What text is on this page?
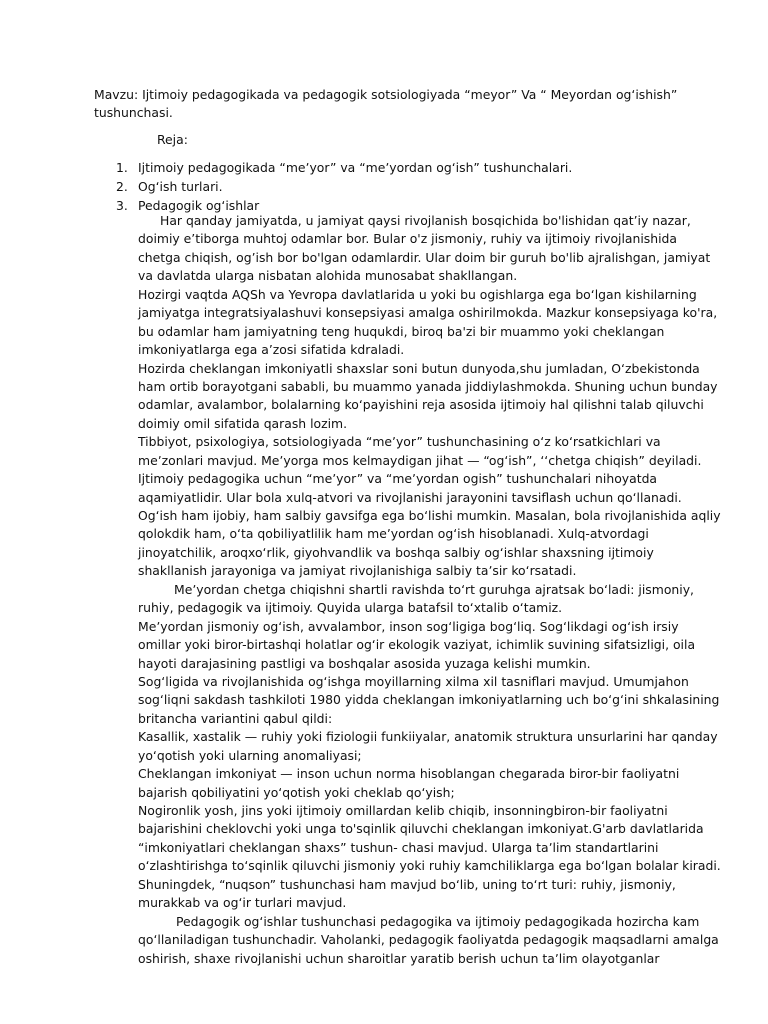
Mavzu: Ijtimoiy pedagogikada va pedagogik sotsiologiyada “meyor” Va “ Meyordan ogʻishish”

tushunchasi.

Reja:

1. Ijtimoiy pedagogikada “meʼyor” va “meʼyordan ogʻish” tushunchalari.
2. Ogʻish turlari.
3. Pedagogik ogʻishlar
Har qanday jamiyatda, u jamiyat qaysi rivojlanish bosqichida bo'lishidan qat’iy nazar,
doimiy e’tiborga muhtoj odamlar bor. Bular o'z jismoniy, ruhiy va ijtimoiy rivojlanishida
chetga chiqish, og’ish bor bo'lgan odamlardir. Ular doim bir guruh bo'lib ajralishgan, jamiyat
va davlatda ularga nisbatan alohida munosabat shakllangan.
Hozirgi vaqtda AQSh va Yevropa davlatlarida u yoki bu ogishlarga ega boʻlgan kishilarning
jamiyatga integratsiyalashuvi konsepsiyasi amalga oshirilmokda. Mazkur konsepsiyaga ko'ra,
bu odamlar ham jamiyatning teng huqukdi, biroq ba'zi bir muammo yoki cheklangan
imkoniyatlarga ega a’zosi sifatida kdraladi.
Hozirda cheklangan imkoniyatli shaxslar soni butun dunyoda,shu jumladan, Oʻzbekistonda
ham ortib borayotgani sababli, bu muammo yanada jiddiylashmokda. Shuning uchun bunday
odamlar, avalambor, bolalarning koʻpayishini reja asosida ijtimoiy hal qilishni talab qiluvchi
doimiy omil sifatida qarash lozim.
Tibbiyot, psixologiya, sotsiologiyada “meʼyor” tushunchasining oʻz koʻrsatkichlari va
meʼzonlari mavjud. Meʼyorga mos kelmaydigan jihat — “ogʻish”, ‘‘chetga chiqish” deyiladi.
Ijtimoiy pedagogika uchun “meʼyor” va “meʼyordan ogish” tushunchalari nihoyatda
aqamiyatlidir. Ular bola xulq-atvori va rivojlanishi jarayonini tavsiflash uchun qoʻllanadi.
Ogʻish ham ijobiy, ham salbiy gavsifga ega boʻlishi mumkin. Masalan, bola rivojlanishida aqliy
qolokdik ham, oʻta qobiliyatlilik ham meʼyordan ogʻish hisoblanadi. Xulq-atvordagi
jinoyatchilik, aroqxoʻrlik, giyohvandlik va boshqa salbiy ogʻishlar shaxsning ijtimoiy
shakllanish jarayoniga va jamiyat rivojlanishiga salbiy taʼsir koʻrsatadi.
Meʼyordan chetga chiqishni shartli ravishda toʻrt guruhga ajratsak boʻladi: jismoniy,
ruhiy, pedagogik va ijtimoiy. Quyida ularga batafsil toʻxtalib oʻtamiz.
Meʼyordan jismoniy ogʻish, avvalambor, inson sogʻligiga bogʻliq. Sogʻlikdagi ogʻish irsiy
omillar yoki biror-birtashqi holatlar ogʻir ekologik vaziyat, ichimlik suvining sifatsizligi, oila
hayoti darajasining pastligi va boshqalar asosida yuzaga kelishi mumkin.
Sogʻligida va rivojlanishida ogʻishga moyillarning xilma xil tasniflari mavjud. Umumjahon
sogʻliqni sakdash tashkiloti 1980 yidda cheklangan imkoniyatlarning uch boʻgʻini shkalasining
britancha variantini qabul qildi:
Kasallik, xastalik — ruhiy yoki fiziologii funkiiyalar, anatomik struktura unsurlarini har qanday
yoʻqotish yoki ularning anomaliyasi;
Cheklangan imkoniyat — inson uchun norma hisoblangan chegarada biror-bir faoliyatni
bajarish qobiliyatini yoʻqotish yoki cheklab qoʻyish;
Nogironlik yosh, jins yoki ijtimoiy omillardan kelib chiqib, insonningbiron-bir faoliyatni
bajarishini cheklovchi yoki unga to'sqinlik qiluvchi cheklangan imkoniyat.G'arb davlatlarida
“imkoniyatlari cheklangan shaxs” tushun- chasi mavjud. Ularga taʼlim standartlarini
oʻzlashtirishga toʻsqinlik qiluvchi jismoniy yoki ruhiy kamchiliklarga ega boʻlgan bolalar kiradi.
Shuningdek, “nuqson” tushunchasi ham mavjud boʻlib, uning toʻrt turi: ruhiy, jismoniy,
murakkab va ogʻir turlari mavjud.
Pedagogik ogʻishlar tushunchasi pedagogika va ijtimoiy pedagogikada hozircha kam
qoʻllaniladigan tushunchadir. Vaholanki, pedagogik faoliyatda pedagogik maqsadlarni amalga
oshirish, shaxe rivojlanishi uchun sharoitlar yaratib berish uchun taʼlim olayotganlar
